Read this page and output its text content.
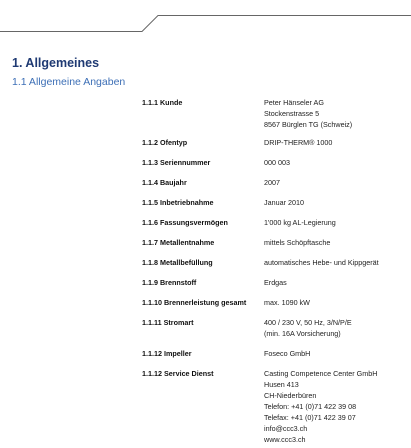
1. Allgemeines
1.1 Allgemeine Angaben
1.1.1 Kunde	Peter Hänseler AG
Stockenstrasse 5
8567 Bürglen TG (Schweiz)
1.1.2 Ofentyp	DRIP-THERM® 1000
1.1.3 Seriennummer	000 003
1.1.4 Baujahr	2007
1.1.5 Inbetriebnahme	Januar 2010
1.1.6 Fassungsvermögen	1'000 kg AL-Legierung
1.1.7 Metallentnahme	mittels Schöpftasche
1.1.8 Metallbefüllung	automatisches Hebe- und Kippgerät
1.1.9 Brennstoff	Erdgas
1.1.10 Brennerleistung gesamt	max. 1090 kW
1.1.11 Stromart	400 / 230 V, 50 Hz, 3/N/P/E
(min. 16A Vorsicherung)
1.1.12 Impeller	Foseco GmbH
1.1.12 Service Dienst	Casting Competence Center GmbH
Husen 413
CH-Niederbüren
Telefon: +41 (0)71 422 39 08
Telefax: +41 (0)71 422 39 07
info@ccc3.ch
www.ccc3.ch
